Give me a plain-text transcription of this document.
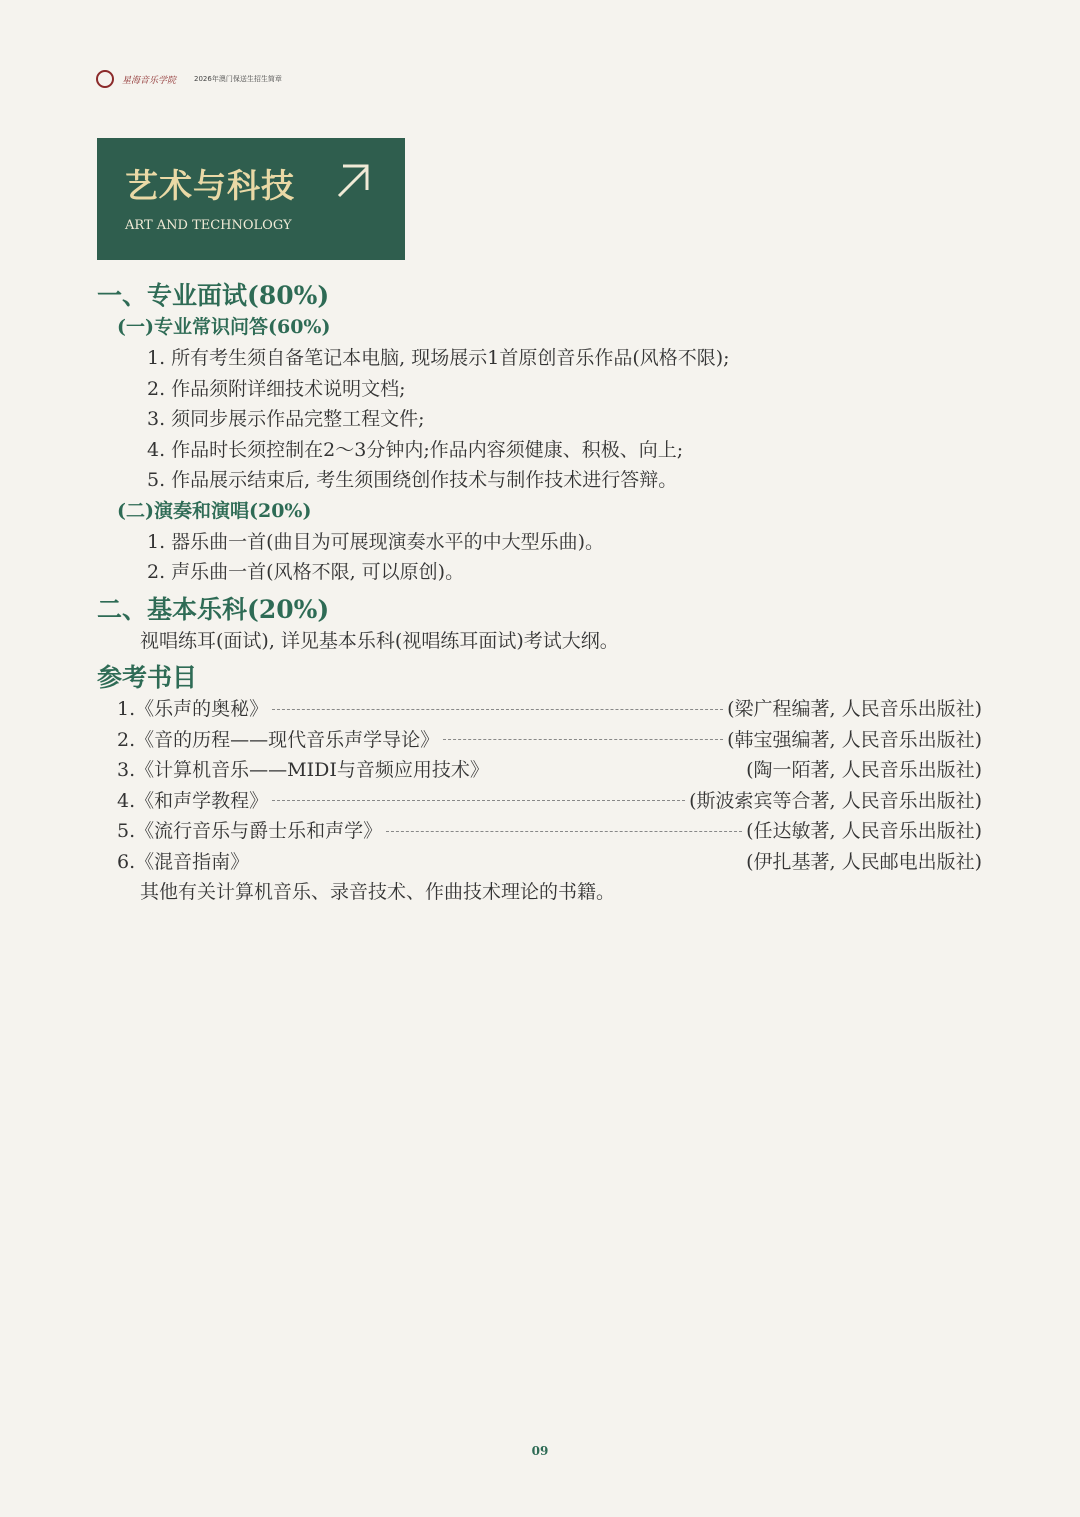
星海音乐学院	2026年澳门保送生招生简章
艺术与科技
ART AND TECHNOLOGY
一、专业面试(80%)
(一)专业常识问答(60%)
1. 所有考生须自备笔记本电脑, 现场展示1首原创音乐作品(风格不限);
2. 作品须附详细技术说明文档;
3. 须同步展示作品完整工程文件;
4. 作品时长须控制在2～3分钟内;作品内容须健康、积极、向上;
5. 作品展示结束后, 考生须围绕创作技术与制作技术进行答辩。
(二)演奏和演唱(20%)
1. 器乐曲一首(曲目为可展现演奏水平的中大型乐曲)。
2. 声乐曲一首(风格不限, 可以原创)。
二、基本乐科(20%)
视唱练耳(面试), 详见基本乐科(视唱练耳面试)考试大纲。
参考书目
1.《乐声的奥秘》	(梁广程编著, 人民音乐出版社)
2.《音的历程——现代音乐声学导论》	(韩宝强编著, 人民音乐出版社)
3.《计算机音乐——MIDI与音频应用技术》	(陶一陌著, 人民音乐出版社)
4.《和声学教程》	(斯波索宾等合著, 人民音乐出版社)
5.《流行音乐与爵士乐和声学》	(任达敏著, 人民音乐出版社)
6.《混音指南》	(伊扎基著, 人民邮电出版社)
其他有关计算机音乐、录音技术、作曲技术理论的书籍。
09
